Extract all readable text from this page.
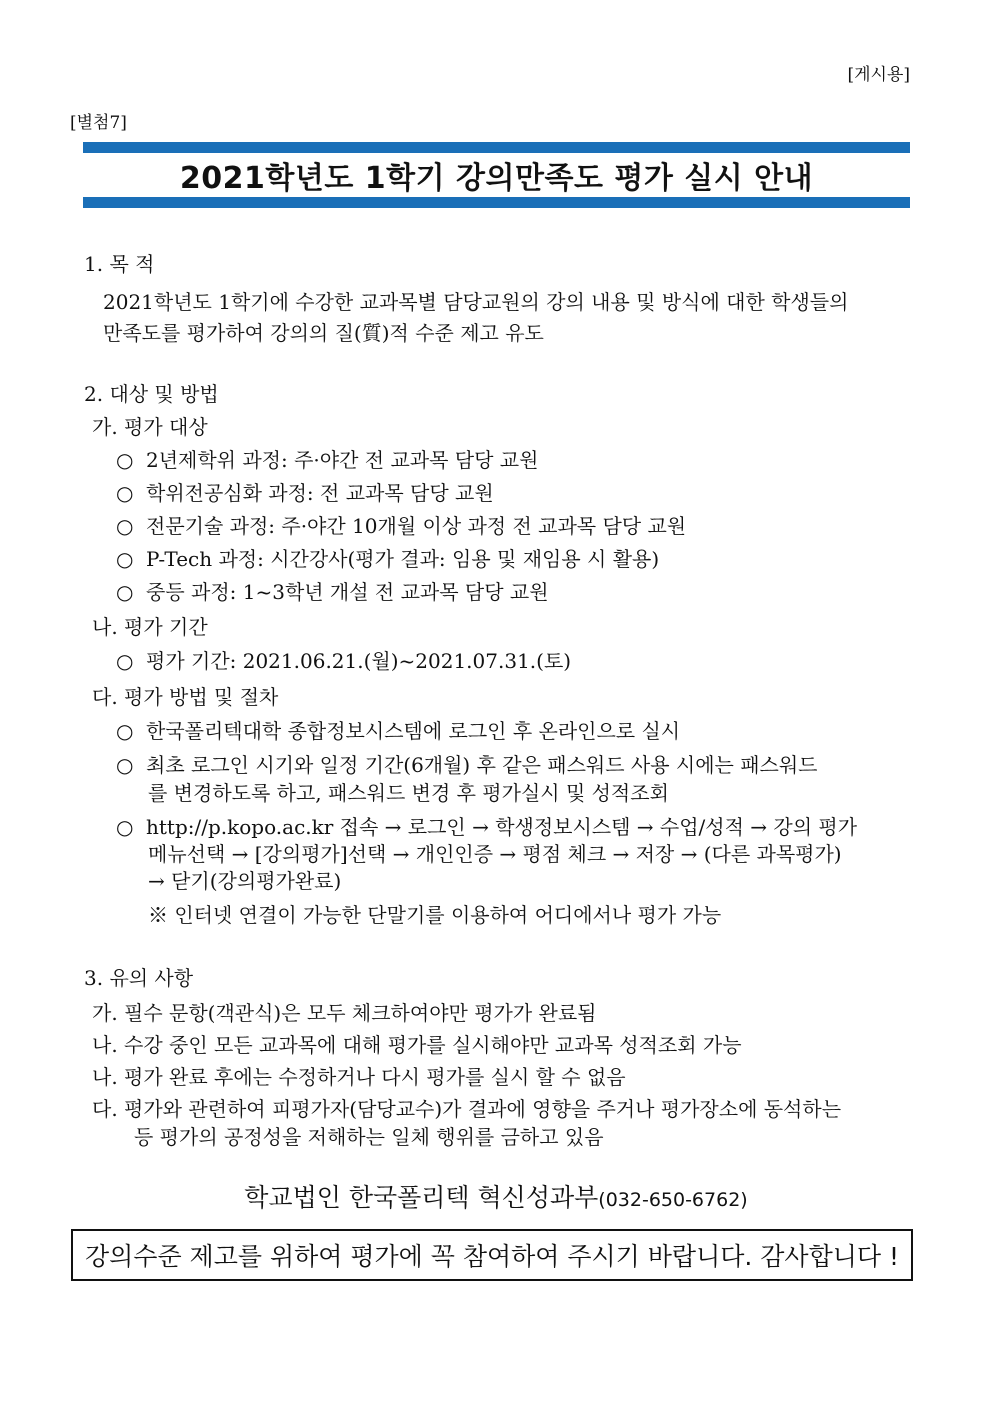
[게시용]
[별첨7]
2021학년도 1학기 강의만족도 평가 실시 안내
1. 목 적
2021학년도 1학기에 수강한 교과목별 담당교원의 강의 내용 및 방식에 대한 학생들의
만족도를 평가하여 강의의 질(質)적 수준 제고 유도
2. 대상 및 방법
가. 평가 대상
○ 2년제학위 과정: 주·야간 전 교과목 담당 교원
○ 학위전공심화 과정: 전 교과목 담당 교원
○ 전문기술 과정: 주·야간 10개월 이상 과정 전 교과목 담당 교원
○ P-Tech 과정: 시간강사(평가 결과: 임용 및 재임용 시 활용)
○ 중등 과정: 1~3학년 개설 전 교과목 담당 교원
나. 평가 기간
○ 평가 기간: 2021.06.21.(월)~2021.07.31.(토)
다. 평가 방법 및 절차
○ 한국폴리텍대학 종합정보시스템에 로그인 후 온라인으로 실시
○ 최초 로그인 시기와 일정 기간(6개월) 후 같은 패스워드 사용 시에는 패스워드
를 변경하도록 하고, 패스워드 변경 후 평가실시 및 성적조회
○ http://p.kopo.ac.kr 접속 → 로그인 → 학생정보시스템 → 수업/성적 → 강의 평가
메뉴선택 → [강의평가]선택 → 개인인증 → 평점 체크 → 저장 → (다른 과목평가)
→ 닫기(강의평가완료)
※ 인터넷 연결이 가능한 단말기를 이용하여 어디에서나 평가 가능
3. 유의 사항
가. 필수 문항(객관식)은 모두 체크하여야만 평가가 완료됨
나. 수강 중인 모든 교과목에 대해 평가를 실시해야만 교과목 성적조회 가능
나. 평가 완료 후에는 수정하거나 다시 평가를 실시 할 수 없음
다. 평가와 관련하여 피평가자(담당교수)가 결과에 영향을 주거나 평가장소에 동석하는
등 평가의 공정성을 저해하는 일체 행위를 금하고 있음
학교법인 한국폴리텍 혁신성과부(032-650-6762)
강의수준 제고를 위하여 평가에 꼭 참여하여 주시기 바랍니다. 감사합니다 !
